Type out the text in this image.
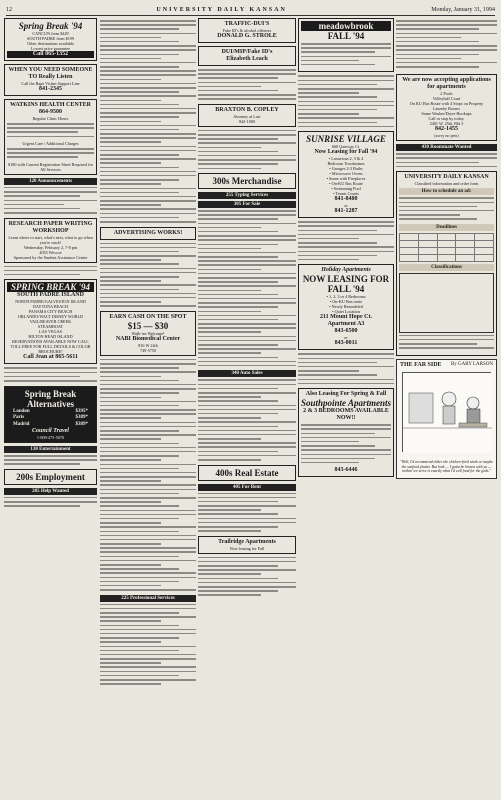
12	UNIVERSITY DAILY KANSAN	Monday, January 31, 1994
Spring Break '94
CANCUN from $429
SOUTH PADRE from $199
Other destinations available
Lowest price guarantee
Call 865-1352
WHEN YOU NEED SOMEONE TO Really Listen
Call the Rape Victim Support Line
841-2345
WATKINS HEALTH CENTER
864-9500
Regular Clinic Hours
Urgent Care / Additional Charges
$180 with Current Registration Sheet Required for All Services
120 Announcements
RESEARCH PAPER WRITING WORKSHOP
Learn where to start, what's next, what to go when you're stuck!
Wednesday, February 2, 7-8 pm
4035 Wescoe
Sponsored by the Student Assistance Center
SPRING BREAK '94
SOUTH PADRE ISLAND
NORTH PADRE/GALVESTON ISLAND
DAYTONA BEACH
PANAMA CITY BEACH
ORLANDO/WALT DISNEY WORLD
VAIL/BEAVER CREEK
STEAMBOAT
LAS VEGAS
HILTON HEAD ISLAND
RESERVATIONS AVAILABLE NOW CALL TOLL FREE FOR FULL DETAILS & COLOR BROCHURE!
Call Jean at 865-5611
Spring Break Alternatives
London	$395*
Paris	$389*
Madrid	$389*
Council Travel
1-800-475-5070
130 Entertainment
200s Employment
205 Help Wanted
ADVERTISING WORKS!
EARN CASH ON THE SPOT
$15 — $30
Walk-ins Welcome!
NABI Biomedical Center
816 W 24th
749-5750
225 Professional Services
TRAFFIC-DUI'S
Fake ID's & alcohol offenses
DONALD G. STROLE
DUI/MIP/Fake ID's
Elizabeth Leach
BRAXTON B. COPLEY
Attorney at Law
842-1000
300s Merchandise
255 Typing Services
305 For Sale
340 Auto Sales
400s Real Estate
405 For Rent
Trailridge Apartments
Now leasing for Fall
meadowbrook
FALL '94
SUNRISE VILLAGE
660 Gateway Ct.
Now Leasing for Fall '94
• Luxurious 2, 3 & 4
Bedroom Townhomes
• Garages 2-3 Baths
• Microwave Ovens
• Some with Fireplaces
• On-KU Bus Route
• Swimming Pool
• Tennis Courts
841-8400
or
841-1287
Holiday Apartments
NOW LEASING FOR FALL '94
• 1, 2, 3 or 4 Bedrooms
• On-KU Bus route
• Newly Remodeled
• Quiet Location
211 Mount Hope Ct.
Apartment A3
843-6500
or
843-0011
Also Leasing For Spring & Fall
Southpointe Apartments
2 & 3 BEDROOMS AVAILABLE NOW!!
843-6446
We are now accepting applications for apartments
2 Pools
Volleyball Court
On KU Bus Route with 4 Stops on Property
Laundry Rooms
Some Washer/Dryer Hookups
Call or stop by today.
2401 W. 25th, Bld 3
842-1455
(sorry no pets)
430 Roommate Wanted
UNIVERSITY DAILY KANSAN
Classified information and order form
How to schedule an ad:
Deadlines

Classifications
THE FAR SIDE By GARY LARSON
"Well, I'd recommend either the chicken-fried steak or maybe the seafood platter. But look — I gotta be honest with ya — nothin' we serve is exactly what I'd call food for the gods."
